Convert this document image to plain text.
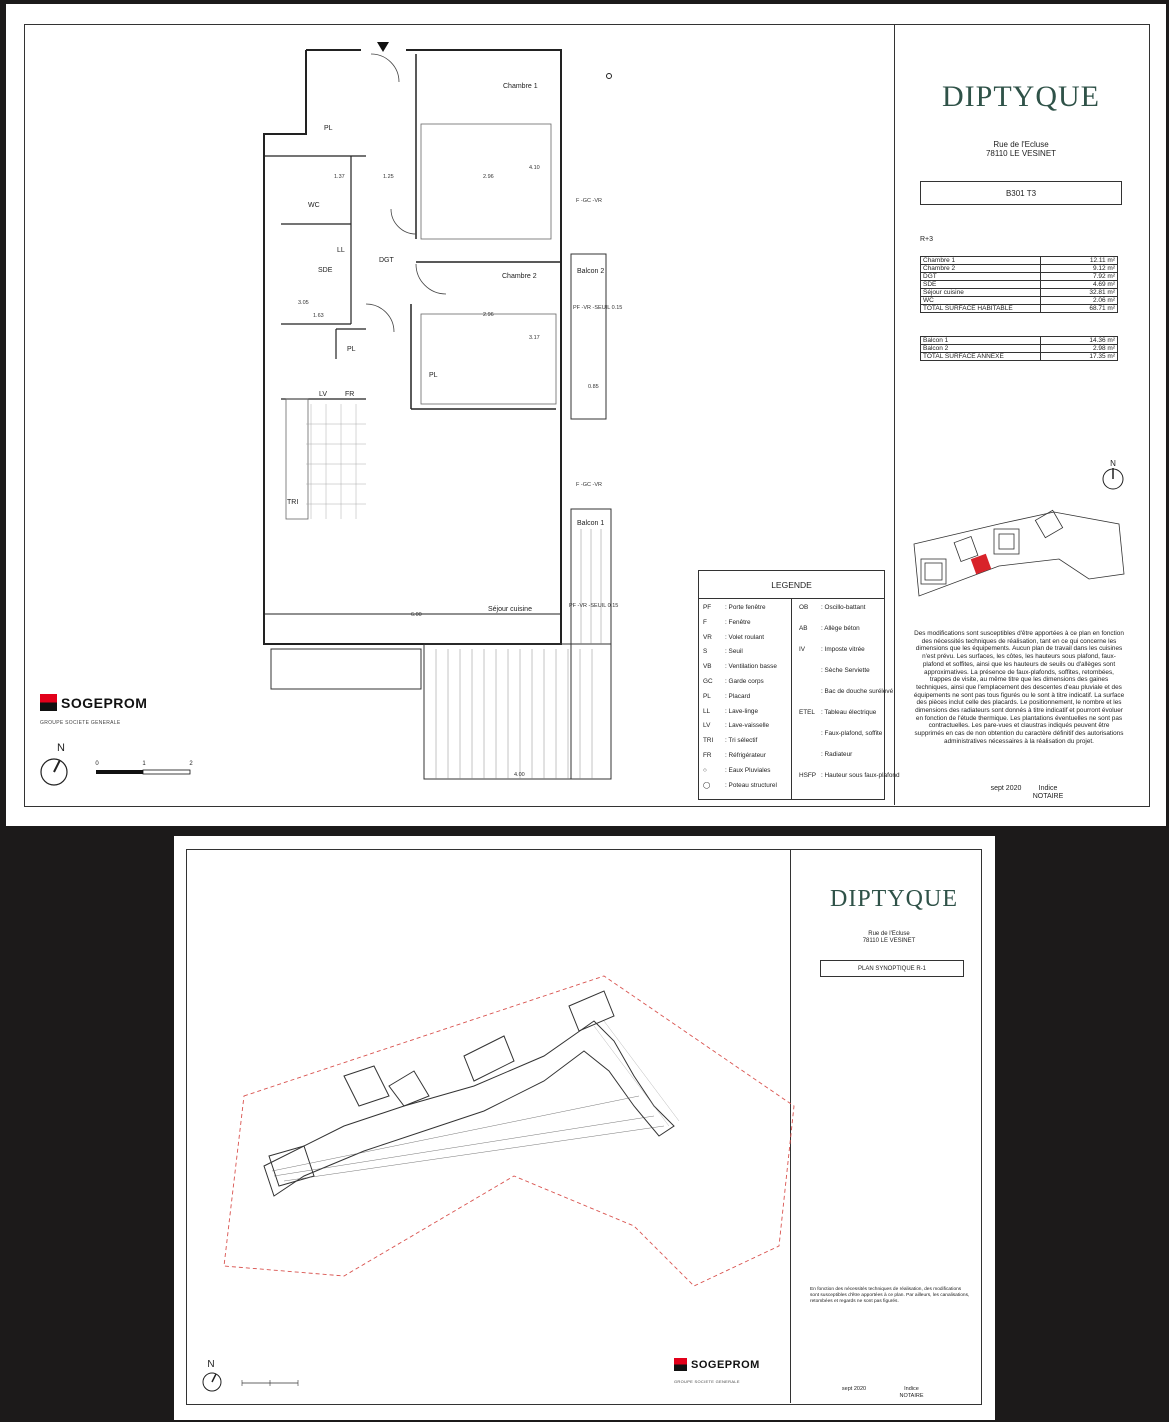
Chambre 1
Chambre 2
DGT
WC
SDE
LL
PL
PL
PL
LV	FR
TRI
Balcon 2
Balcon 1
Séjour cuisine
1.37	1.25	2.96
4.10
2.96
3.17
6.00
4.00
0.85
1.63
3.05
F -GC -VR
PF -VR -SEUIL 0.15
F -GC -VR
PF -VR -SEUIL 0.15
N
0	1	2
SOGEPROM
GROUPE SOCIETE GENERALE
LEGENDE
PF : Porte fenêtre
F	: Fenêtre
VR : Volet roulant
S	: Seuil
VB : Ventilation basse
GC : Garde corps
PL : Placard
LL : Lave-linge
LV : Lave-vaisselle
TRI : Tri sélectif
FR : Réfrigérateur
○	: Eaux Pluviales
◯ : Poteau structurel
OB : Oscillo-battant
AB : Allège béton
IV : Imposte vitrée
: Sèche Serviette
: Bac de douche surélevé
ETEL : Tableau électrique
: Faux-plafond, soffite
: Radiateur
HSFP : Hauteur sous faux-plafond
DIPTYQUE
Rue de l'Ecluse
78110 LE VESINET
B301 T3
R+3
Chambre 1	12.11 m²
Chambre 2	9.12 m²
DGT	7.92 m²
SDE	4.69 m²
Séjour cuisine	32.81 m²
WC	2.06 m²
TOTAL SURFACE HABITABLE	68.71 m²
Balcon 1	14.36 m²
Balcon 2	2.98 m²
TOTAL SURFACE ANNEXE	17.35 m²
N
Des modifications sont susceptibles d'être apportées à ce plan en fonction des nécessités techniques de réalisation, tant en ce qui concerne les dimensions que les équipements. Aucun plan de travail dans les cuisines n'est prévu. Les surfaces, les côtes, les hauteurs sous plafond, faux-plafond et soffites, ainsi que les hauteurs de seuils ou d'allèges sont approximatives. La présence de faux-plafonds, soffites, retombées, trappes de visite, au même titre que les dimensions des gaines techniques, ainsi que l'emplacement des descentes d'eau pluviale et des équipements ne sont pas tous figurés ou le sont à titre indicatif. La surface des pièces inclut celle des placards. Le positionnement, le nombre et les dimensions des radiateurs sont donnés à titre indicatif et pourront évoluer en fonction de l'étude thermique. Les plantations éventuelles ne sont pas contractuelles. Les pare-vues et claustras indiqués peuvent être supprimés en cas de non obtention du caractère définitif des autorisations administratives nécessaires à la réalisation du projet.
sept 2020	Indice
NOTAIRE
DIPTYQUE
Rue de l'Ecluse
78110 LE VESINET
PLAN SYNOPTIQUE R-1
En fonction des nécessités techniques de réalisation, des modifications sont susceptibles d'être apportées à ce plan. Par ailleurs, les canalisations, retombées et regards ne sont pas figurés.
N	SOGEPROM
GROUPE SOCIETE GENERALE
sept 2020	Indice
NOTAIRE
